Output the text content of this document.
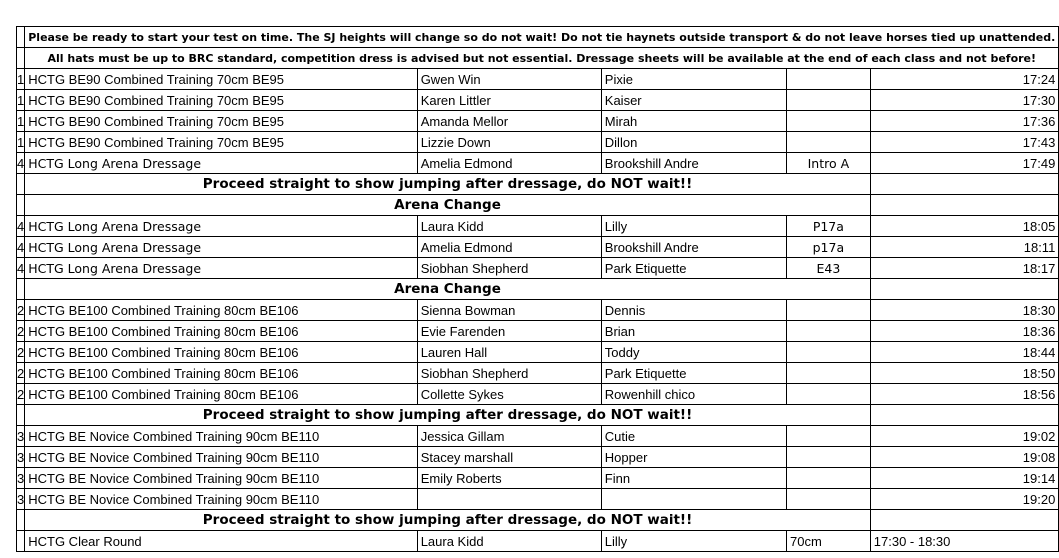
	Please be ready to start your test on time. The SJ heights will change so do not wait! Do not tie haynets outside transport & do not leave horses tied up unattended.				
	All hats must be up to BRC standard, competition dress is advised but not essential. Dressage sheets will be available at the end of each class and not before!				
1	HCTG BE90 Combined Training 70cm BE95	Gwen Win	Pixie		17:24
1	HCTG BE90 Combined Training 70cm BE95	Karen Littler	Kaiser		17:30
1	HCTG BE90 Combined Training 70cm BE95	Amanda Mellor	Mirah		17:36
1	HCTG BE90 Combined Training 70cm BE95	Lizzie Down	Dillon		17:43
4	HCTG Long Arena Dressage	Amelia Edmond	Brookshill Andre	Intro A	17:49
	Proceed straight to show jumping after dressage, do NOT wait!!				
	Arena Change				
4	HCTG Long Arena Dressage	Laura Kidd	Lilly	P17a	18:05
4	HCTG Long Arena Dressage	Amelia Edmond	Brookshill Andre	p17a	18:11
4	HCTG Long Arena Dressage	Siobhan Shepherd	Park Etiquette	E43	18:17
	Arena Change				
2	HCTG BE100 Combined Training 80cm BE106	Sienna Bowman	Dennis		18:30
2	HCTG BE100 Combined Training 80cm BE106	Evie Farenden	Brian		18:36
2	HCTG BE100 Combined Training 80cm BE106	Lauren Hall	Toddy		18:44
2	HCTG BE100 Combined Training 80cm BE106	Siobhan Shepherd	Park Etiquette		18:50
2	HCTG BE100 Combined Training 80cm BE106	Collette Sykes	Rowenhill chico		18:56
	Proceed straight to show jumping after dressage, do NOT wait!!				
3	HCTG BE Novice Combined Training 90cm BE110	Jessica Gillam	Cutie		19:02
3	HCTG BE Novice Combined Training 90cm BE110	Stacey marshall	Hopper		19:08
3	HCTG BE Novice Combined Training 90cm BE110	Emily Roberts	Finn		19:14
3	HCTG BE Novice Combined Training 90cm BE110				19:20
	Proceed straight to show jumping after dressage, do NOT wait!!				
	HCTG Clear Round	Laura Kidd	Lilly	70cm	17:30 - 18:30
